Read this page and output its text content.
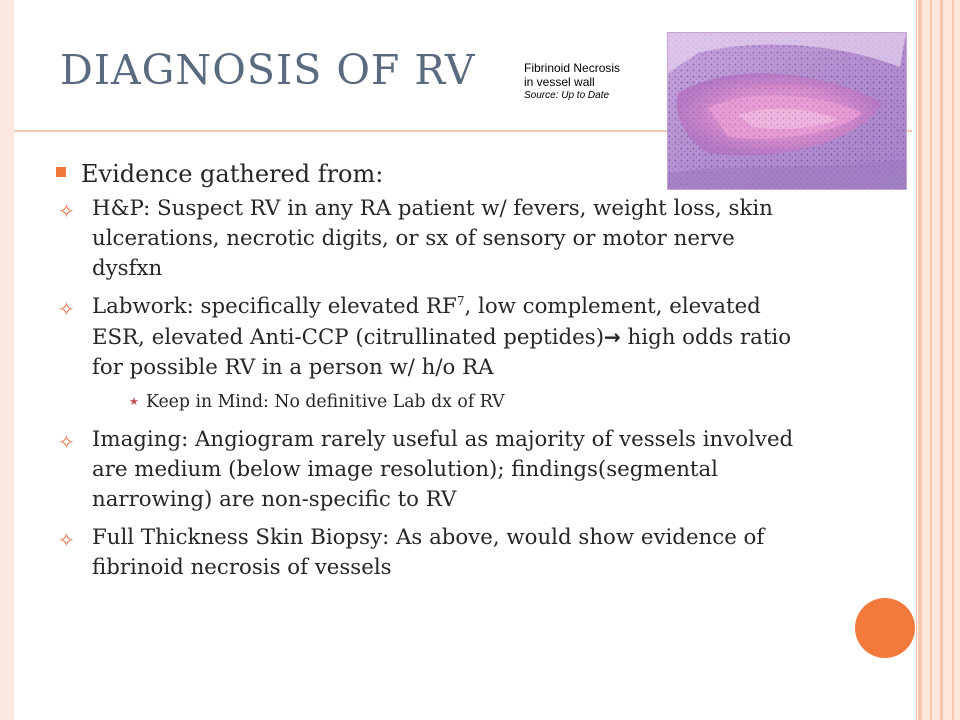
DIAGNOSIS OF RV	Fibrinoid Necrosis
in vessel wall
Source: Up to Date
Evidence gathered from:
✧ H&P: Suspect RV in any RA patient w/ fevers, weight loss, skin ulcerations, necrotic digits, or sx of sensory or motor nerve dysfxn
✧ Labwork: specifically elevated $RF^7$, low complement, elevated ESR, elevated Anti-CCP (citrullinated peptides)→ high odds ratio for possible RV in a person w/ h/o RA
★ Keep in Mind: No definitive Lab dx of RV
✧ Imaging: Angiogram rarely useful as majority of vessels involved are medium (below image resolution); findings(segmental narrowing) are non-specific to RV
✧ Full Thickness Skin Biopsy: As above, would show evidence of fibrinoid necrosis of vessels
